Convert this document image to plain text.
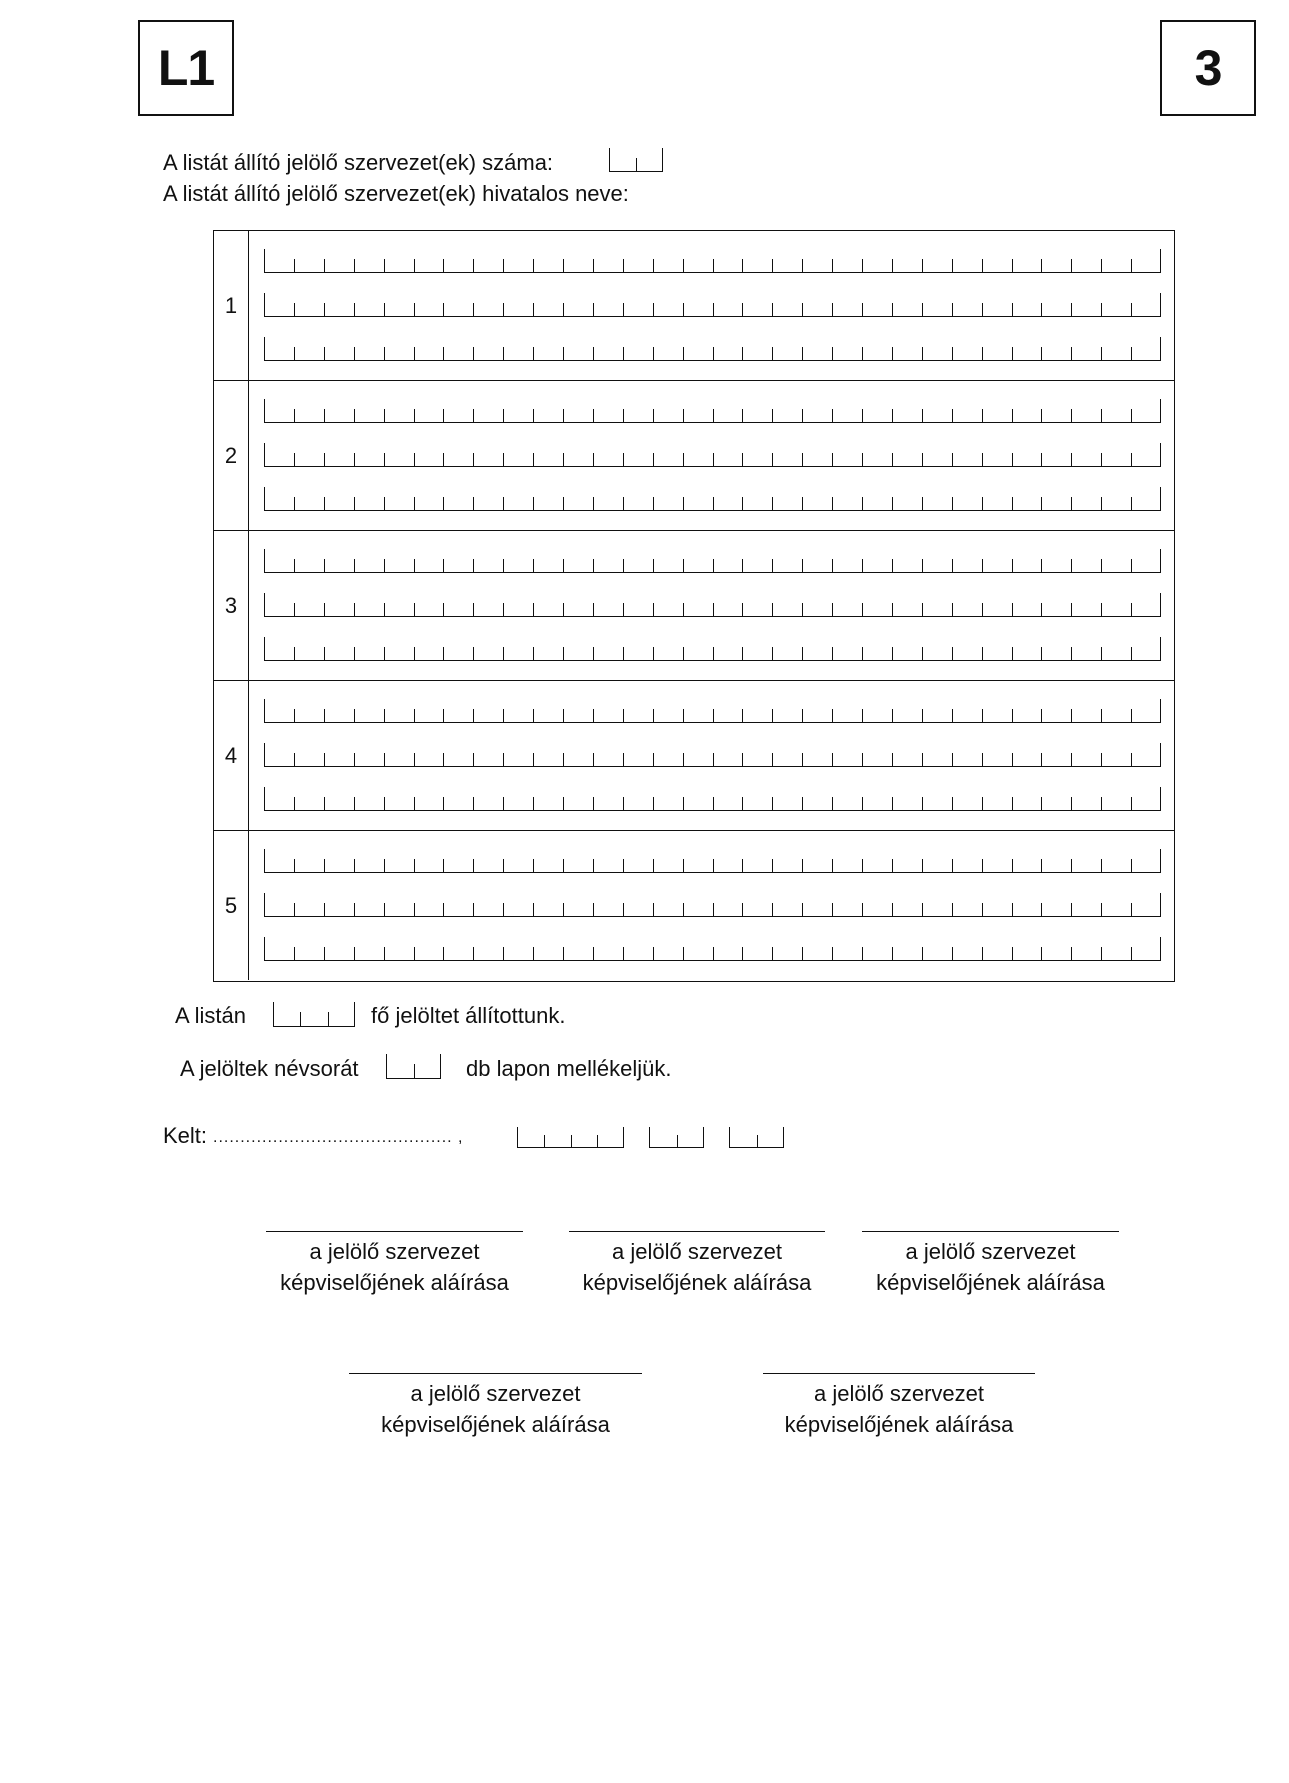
L1	3
A listát állító jelölő szervezet(ek) száma:
A listát állító jelölő szervezet(ek) hivatalos neve:
1
2
3
4
5
A listán	fő jelöltet állítottunk.
A jelöltek névsorát	db lapon mellékeljük.
Kelt: ............................................ ,
a jelölő szervezet
képviselőjének aláírása
a jelölő szervezet
képviselőjének aláírása
a jelölő szervezet
képviselőjének aláírása
a jelölő szervezet
képviselőjének aláírása
a jelölő szervezet
képviselőjének aláírása
